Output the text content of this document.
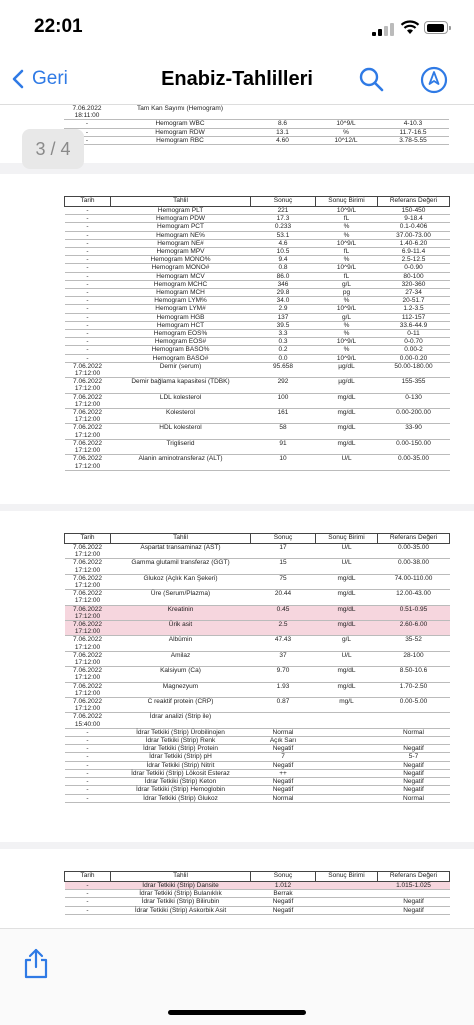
22:01
Geri	Enabiz-Tahlilleri
7.06.2022 18:11:00	Tam Kan Sayımı (Hemogram)			
-	Hemogram WBC	8.6	10^9/L	4-10.3
-	Hemogram RDW	13.1	%	11.7-16.5
-	Hemogram RBC	4.60	10^12/L	3.78-5.55
3 / 4
Tarih	Tahlil	Sonuç	Sonuç Birimi	Referans Değeri
-	Hemogram PLT	221	10^9/L	150-450
-	Hemogram PDW	17.3	fL	9-18.4
-	Hemogram PCT	0.233	%	0.1-0.406
-	Hemogram NE%	53.1	%	37.00-73.00
-	Hemogram NE#	4.6	10^9/L	1.40-6.20
-	Hemogram MPV	10.5	fL	6.9-11.4
-	Hemogram MONO%	9.4	%	2.5-12.5
-	Hemogram MONO#	0.8	10^9/L	0-0.90
-	Hemogram MCV	86.0	fL	80-100
-	Hemogram MCHC	346	g/L	320-360
-	Hemogram MCH	29.8	pg	27-34
-	Hemogram LYM%	34.0	%	20-51.7
-	Hemogram LYM#	2.9	10^9/L	1.2-3.5
-	Hemogram HGB	137	g/L	112-157
-	Hemogram HCT	39.5	%	33.6-44.9
-	Hemogram EOS%	3.3	%	0-11
-	Hemogram EOS#	0.3	10^9/L	0-0.70
-	Hemogram BASO%	0.2	%	0.00-2
-	Hemogram BASO#	0.0	10^9/L	0.00-0.20
7.06.2022 17:12:00	Demir (serum)	95.658	µg/dL	50.00-180.00
7.06.2022 17:12:00	Demir bağlama kapasitesi (TDBK)	292	µg/dL	155-355
7.06.2022 17:12:00	LDL kolesterol	100	mg/dL	0-130
7.06.2022 17:12:00	Kolesterol	161	mg/dL	0.00-200.00
7.06.2022 17:12:00	HDL kolesterol	58	mg/dL	33-90
7.06.2022 17:12:00	Trigliserid	91	mg/dL	0.00-150.00
7.06.2022 17:12:00	Alanin aminotransferaz (ALT)	10	U/L	0.00-35.00
Tarih	Tahlil	Sonuç	Sonuç Birimi	Referans Değeri
7.06.2022 17:12:00	Aspartat transaminaz (AST)	17	U/L	0.00-35.00
7.06.2022 17:12:00	Gamma glutamil transferaz (GGT)	15	U/L	0.00-38.00
7.06.2022 17:12:00	Glukoz (Açlık Kan Şekeri)	75	mg/dL	74.00-110.00
7.06.2022 17:12:00	Üre (Serum/Plazma)	20.44	mg/dL	12.00-43.00
7.06.2022 17:12:00	Kreatinin	0.45	mg/dL	0.51-0.95
7.06.2022 17:12:00	Ürik asit	2.5	mg/dL	2.60-6.00
7.06.2022 17:12:00	Albümin	47.43	g/L	35-52
7.06.2022 17:12:00	Amilaz	37	U/L	28-100
7.06.2022 17:12:00	Kalsiyum (Ca)	9.70	mg/dL	8.50-10.6
7.06.2022 17:12:00	Magnezyum	1.93	mg/dL	1.70-2.50
7.06.2022 17:12:00	C reaktif protein (CRP)	0.87	mg/L	0.00-5.00
7.06.2022 15:40:00	İdrar analizi (Strip ile)			
-	İdrar Tetkiki (Strip) Ürobilinojen	Normal		Normal
-	İdrar Tetkiki (Strip) Renk	Açık Sarı		
-	İdrar Tetkiki (Strip) Protein	Negatif		Negatif
-	İdrar Tetkiki (Strip) pH	7		5-7
-	İdrar Tetkiki (Strip) Nitrit	Negatif		Negatif
-	İdrar Tetkiki (Strip) Lökosit Esteraz	++		Negatif
-	İdrar Tetkiki (Strip) Keton	Negatif		Negatif
-	İdrar Tetkiki (Strip) Hemoglobin	Negatif		Negatif
-	İdrar Tetkiki (Strip) Glukoz	Normal		Normal
Tarih	Tahlil	Sonuç	Sonuç Birimi	Referans Değeri
-	İdrar Tetkiki (Strip) Dansite	1.012		1.015-1.025
-	İdrar Tetkiki (Strip) Bulanıklık	Berrak		
-	İdrar Tetkiki (Strip) Bilirubin	Negatif		Negatif
-	İdrar Tetkiki (Strip) Askorbik Asit	Negatif		Negatif
